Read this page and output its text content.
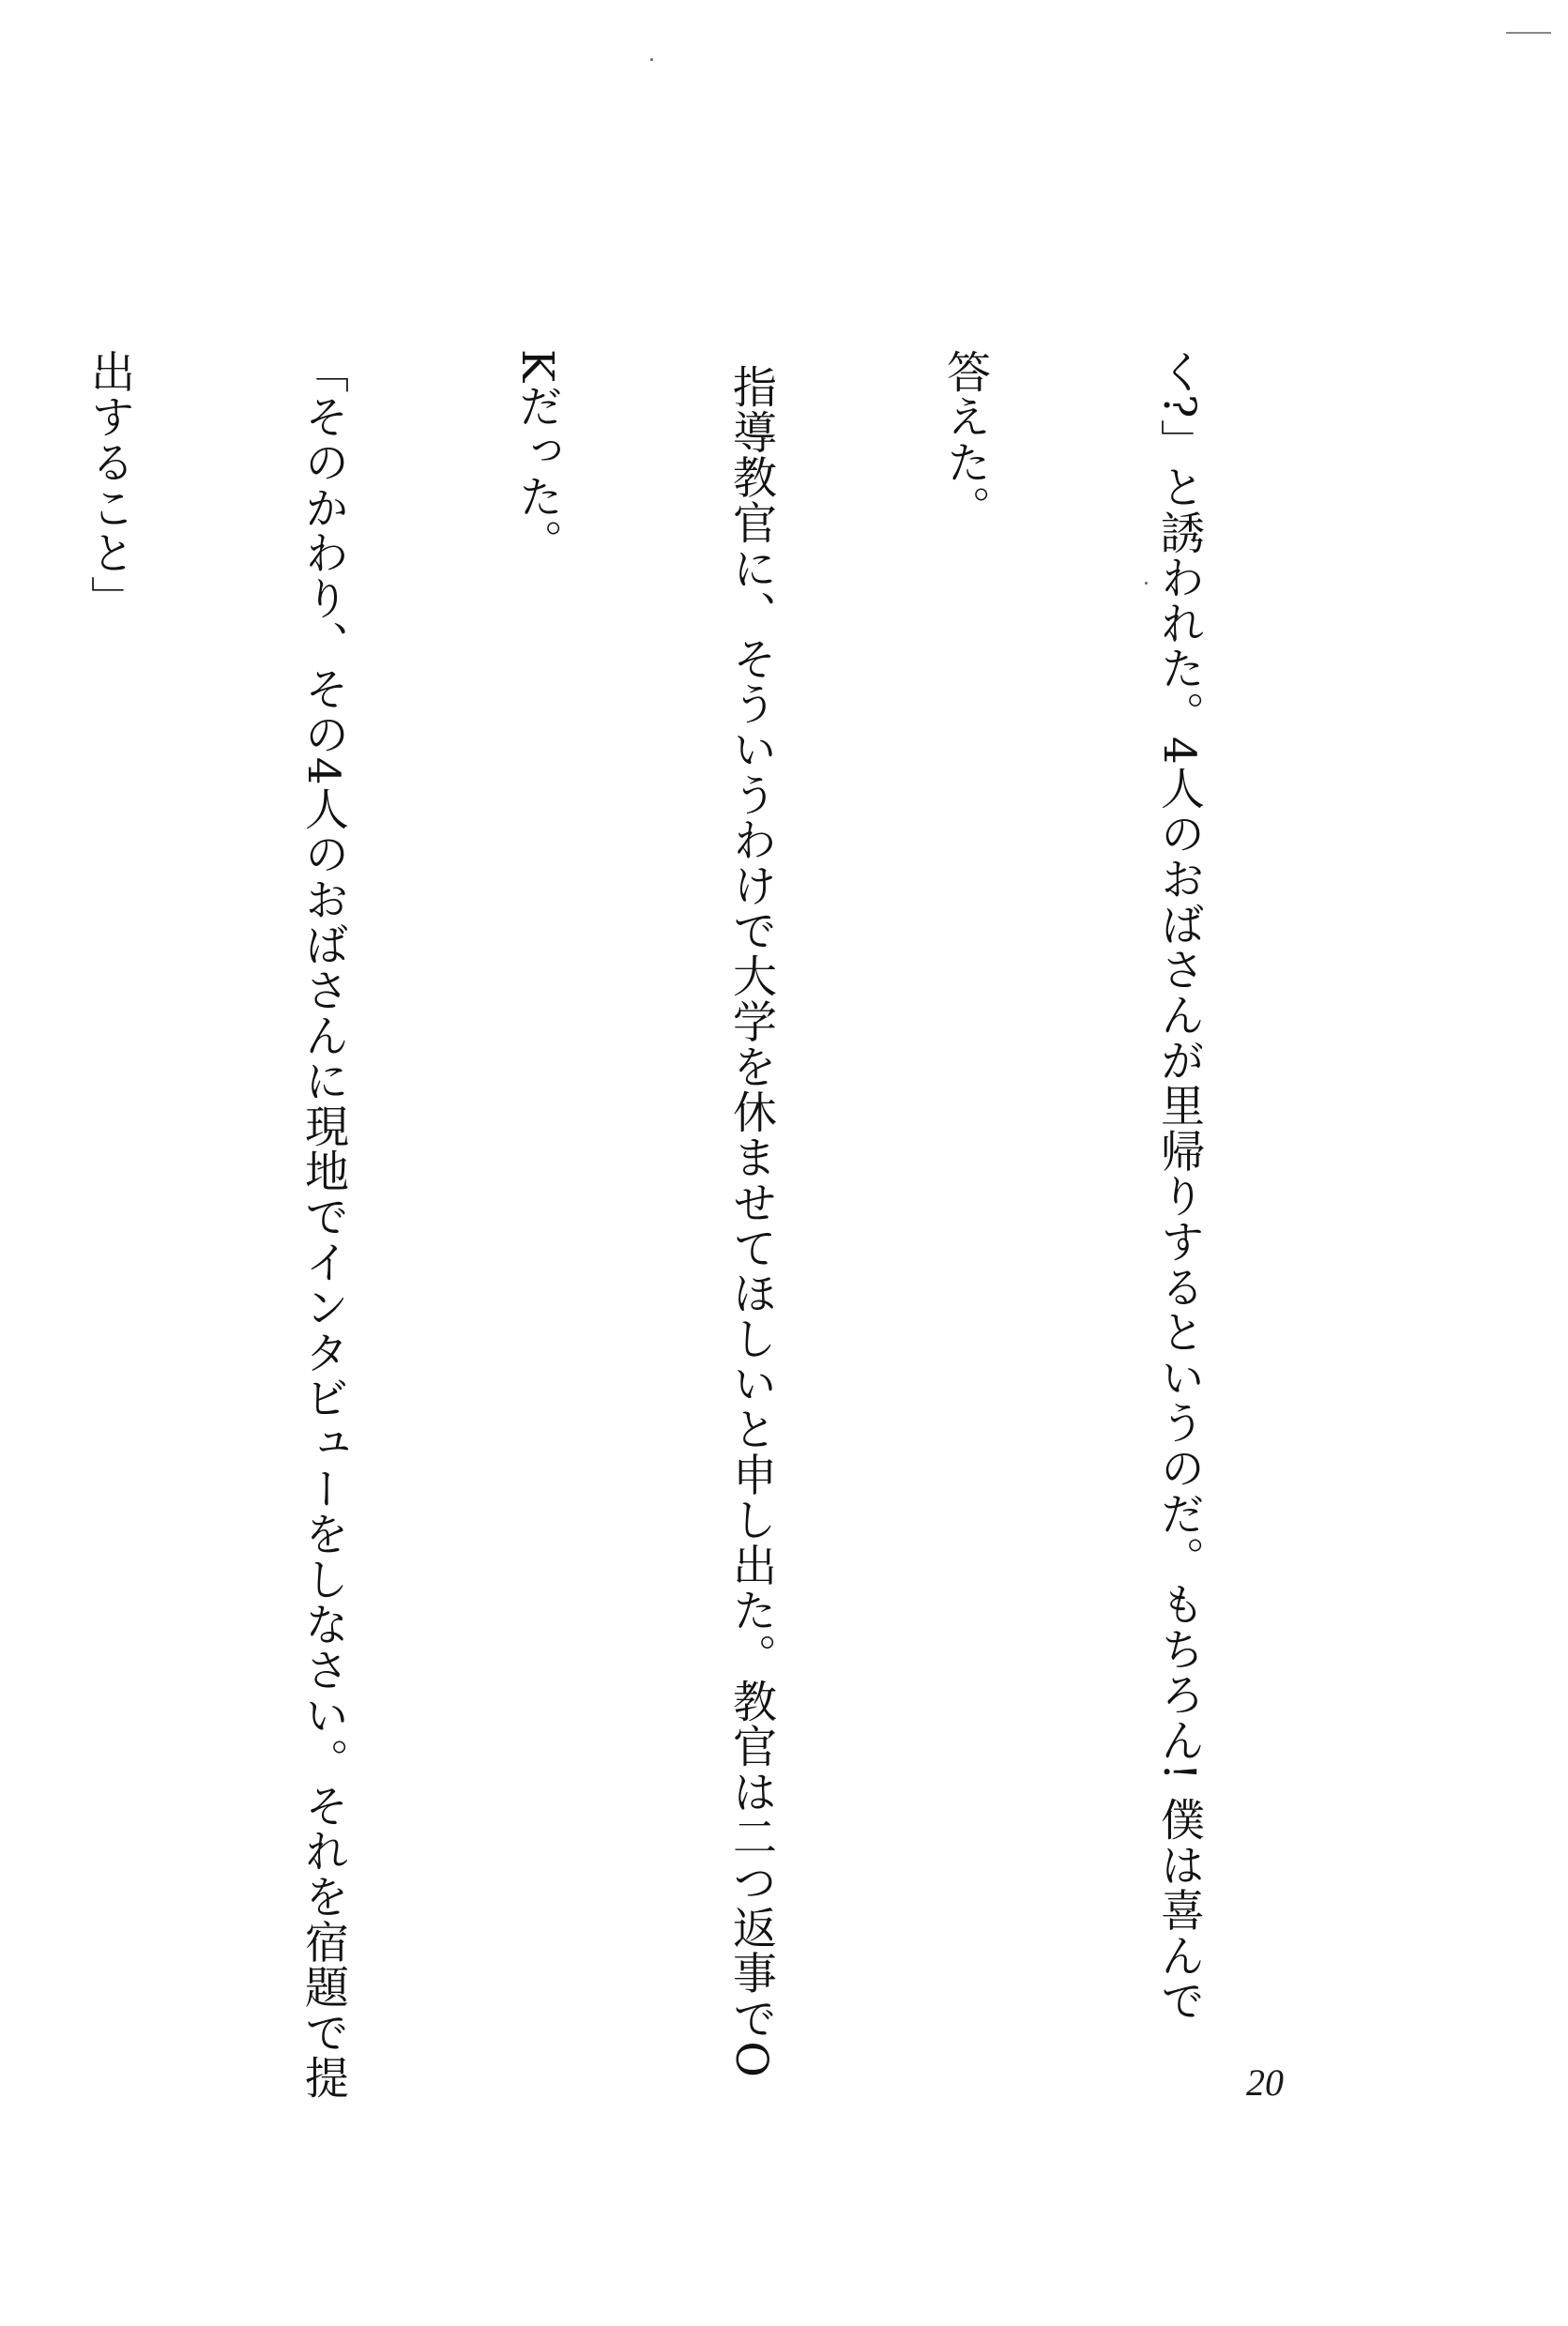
く?」と誘われた。4人のおばさんが里帰りするというのだ。もちろん! 僕は喜んで

答えた。

指導教官に、そういうわけで大学を休ませてほしいと申し出た。教官は二つ返事でO

Kだった。

「そのかわり、その4人のおばさんに現地でインタビューをしなさい。それを宿題で提

出すること」

20
